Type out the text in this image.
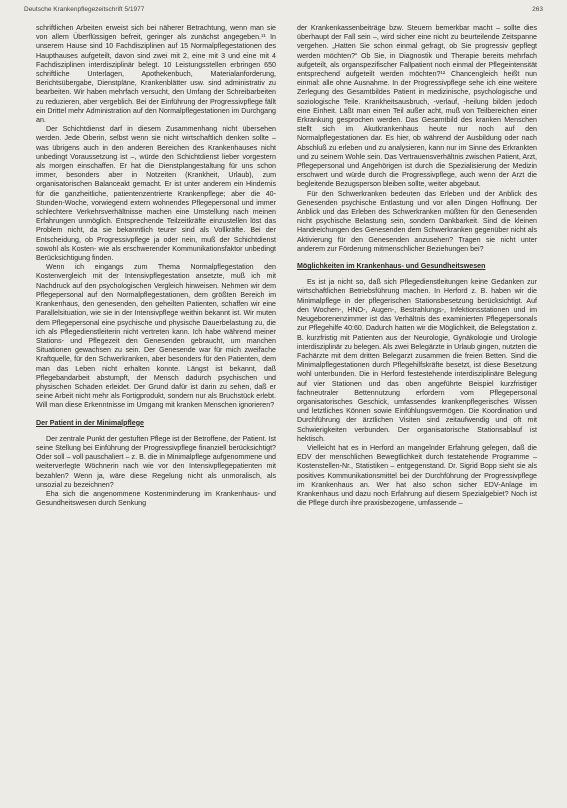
Deutsche Krankenpflegezeitschrift 5/1977	263

schriftlichen Arbeiten erweist sich bei näherer Betrachtung, wenn man sie von allem Überflüssigen befreit, geringer als zunächst angegeben.¹¹ In unserem Hause sind 10 Fachdisziplinen auf 15 Normalpflegestationen des Haupthauses aufgeteilt, davon sind zwei mit 2, eine mit 3 und eine mit 4 Fachdisziplinen interdisziplinär belegt. 10 Leistungsstellen erbringen 650 schriftliche Unterlagen, Apothekenbuch, Materialanforderung, Berichtsübergabe, Dienstpläne, Krankenblätter usw. sind administrativ zu bearbeiten. Wir haben mehrfach versucht, den Umfang der Schreibarbeiten zu reduzieren, aber vergeblich. Bei der Einführung der Progressivpflege fällt ein Drittel mehr Administration auf den Normalpflegestationen im Durchgang an.

Der Schichtdienst darf in diesem Zusammenhang nicht übersehen werden. Jede Oberin, selbst wenn sie nicht wirtschaftlich denken sollte – was übrigens auch in den anderen Bereichen des Krankenhauses nicht unbedingt Voraussetzung ist –, würde den Schichtdienst lieber vorgestern als morgen einschaffen. Er hat die Dienstplangestaltung für uns schon immer, besonders aber in Notzeiten (Krankheit, Urlaub), zum organisatorischen Balanceakt gemacht. Er ist unter anderem ein Hindernis für die ganzheitliche, patientenzentrierte Krankenpflege; aber die 40-Stunden-Woche, vorwiegend extern wohnendes Pflegepersonal und immer schlechtere Verkehrsverhältnisse machen eine Umstellung nach meinen Erfahrungen unmöglich. Entsprechende Teilzeitkräfte einzustellen löst das Problem nicht, da sie bekanntlich teurer sind als Vollkräfte. Bei der Entscheidung, ob Progressivpflege ja oder nein, muß der Schichtdienst sowohl als Kosten- wie als erschwerender Kommunikationsfaktor unbedingt Berücksichtigung finden.

Wenn ich eingangs zum Thema Normalpflegestation den Kostenvergleich mit der Intensivpflegestation ansetzte, muß ich mit Nachdruck auf den psychologischen Vergleich hinweisen. Nehmen wir dem Pflegepersonal auf den Normalpflegestationen, dem größten Bereich im Krankenhaus, den genesenden, den geheilten Patienten, schaffen wir eine Parallelsituation, wie sie in der Intensivpflege weithin bekannt ist. Wir muten dem Pflegepersonal eine psychische und physische Dauerbelastung zu, die ich als Pflegedienstleiterin nicht vertreten kann. Ich habe während meiner Stations- und Pflegezeit den Genesenden gebraucht, um manchen Situationen gewachsen zu sein. Der Genesende war für mich zweifache Kraftquelle, für den Schwerkranken, aber besonders für den Patienten, dem man das Leben nicht erhalten konnte. Längst ist bekannt, daß Pflegebandarbeit abstumpft, der Mensch dadurch psychischen und physischen Schaden erleidet. Der Grund dafür ist darin zu sehen, daß er seine Arbeit nicht mehr als Fortigprodukt, sondern nur als Bruchstück erlebt. Will man diese Erkenntnisse im Umgang mit kranken Menschen ignorieren?

Der Patient in der Minimalpflege

Der zentrale Punkt der gestuften Pflege ist der Betroffene, der Patient. Ist seine Stellung bei Einführung der Progressivpflege finanziell berücksichtigt? Oder soll – voll pauschaliert – z. B. die in Minimalpflege aufgenommene und weiterverlegte Wöchnerin nach wie vor den Intensivpflegepatienten mit bezahlen? Wenn ja, wäre diese Regelung nicht als unmoralisch, als unsozial zu bezeichnen?

Eha sich die angenommene Kostenminderung im Krankenhaus- und Gesundheitswesen durch Senkung

der Krankenkassenbeiträge bzw. Steuern bemerkbar macht – sollte dies überhaupt der Fall sein –, wird sicher eine nicht zu beurteilende Zeitspanne vergehen. „Hatten Sie schon einmal gefragt, ob Sie progressiv gepflegt werden möchten?“ Ob Sie, in Diagnostik und Therapie bereits mehrfach aufgeteilt, als organspezifischer Fallpatient noch einmal der Pflegeintensität entsprechend aufgeteilt werden möchten?¹² Chancengleich heißt nun einmal: alle ohne Ausnahme. In der Progressivpflege sehe ich eine weitere Zerlegung des Gesamtbildes Patient in medizinische, psychologische und soziologische Teile. Krankheitsausbruch, -verlauf, -heilung bilden jedoch eine Einheit. Läßt man einen Teil außer acht, muß von Teilbereichen einer Erkrankung gesprochen werden. Das Gesamtbild des kranken Menschen stellt sich im Akutkrankenhaus heute nur noch auf den Normalpflegestationen dar. Es hier, ob während der Ausbildung oder nach Abschluß zu erleben und zu analysieren, kann nur im Sinne des Erkrankten und zu seinem Wohle sein. Das Vertrauensverhältnis zwischen Patient, Arzt, Pflegepersonal und Angehörigen ist durch die Spezialisierung der Medizin erschwert und würde durch die Progressivpflege, auch wenn der Arzt die begleitende Bezugsperson bleiben sollte, weiter abgebaut.

Für den Schwerkranken bedeuten das Erleben und der Anblick des Genesenden psychische Entlastung und vor allen Dingen Hoffnung. Der Anblick und das Erleben des Schwerkranken müßten für den Genesenden nicht psychische Belastung sein, sondern Dankbarkeit. Sind die kleinen Handreichungen des Genesenden dem Schwerkranken gegenüber nicht als Aktivierung für den Genesenden anzusehen? Tragen sie nicht unter anderem zur Förderung mitmenschlicher Beziehungen bei?

Möglichkeiten im Krankenhaus- und Gesundheitswesen

Es ist ja nicht so, daß sich Pflegedienstleitungen keine Gedanken zur wirtschaftlichen Betriebsführung machen. In Herford z. B. haben wir die Minimalpflege in der pflegerischen Stationsbesetzung berücksichtigt. Auf den Wochen-, HNO-, Augen-, Bestrahlungs-, Infektionsstationen und im Neugeborenenzimmer ist das Verhältnis des examinierten Pflegepersonals zur Pflegehilfe 40:60. Dadurch hatten wir die Möglichkeit, die Belegstation z. B. kurzfristig mit Patienten aus der Neurologie, Gynäkologie und Urologie interdisziplinär zu belegen. Als zwei Belegärzte in Urlaub gingen, nutzten die Fachärzte mit dem dritten Belegarzt zusammen die freien Betten. Sind die Minimalpflegestationen durch Pflegehilfskräfte besetzt, ist diese Besetzung wohl unterbunden. Die in Herford festestehende interdisziplinäre Belegung auf vier Stationen und das oben angeführte Beispiel kurzfristiger fachneutraler Bettennutzung erfordern vom Pflegepersonal organisatorisches Geschick, umfassendes krankenpflegerisches Wissen und letztliches Können sowie Einfühlungsvermögen. Die Koordination und Durchführung der ärztlichen Visiten sind zeitaufwendig und oft mit Schwierigkeiten verbunden. Der organisatorische Stationsablauf ist hektisch.

Vielleicht hat es in Herford an mangelnder Erfahrung gelegen, daß die EDV der menschlichen Bewegtlichkeit durch testatehende Programme – Kostenstellen-Nr., Statistiken – entgegenstand. Dr. Sigrid Bopp sieht sie als positives Kommunikationsmittel bei der Durchführung der Progressivpflege im Krankenhaus an. Wer hat also schon sicher EDV-Anlage im Krankenhaus und dazu noch Erfahrung auf diesem Spezialgebiet? Noch ist die Pflege durch ihre praxisbezogene, umfassende –
